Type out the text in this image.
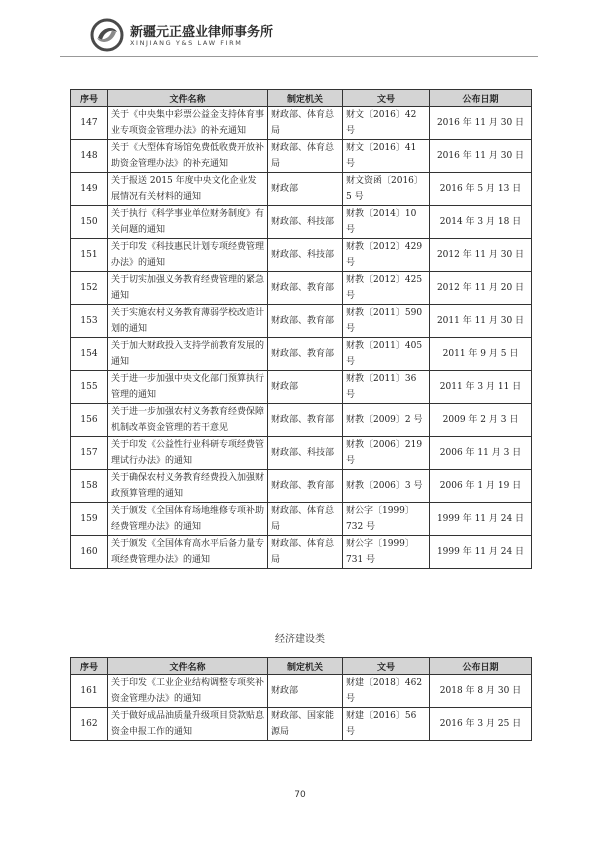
新疆元正盛业律师事务所
XINJIANG Y&S LAW FIRM
序号	文件名称	制定机关	文号	公布日期
147	关于《中央集中彩票公益金支持体育事业专项资金管理办法》的补充通知	财政部、体育总局	财文〔2016〕42 号	2016 年 11 月 30 日
148	关于《大型体育场馆免费低收费开放补助资金管理办法》的补充通知	财政部、体育总局	财文〔2016〕41 号	2016 年 11 月 30 日
149	关于报送 2015 年度中央文化企业发展情况有关材料的通知	财政部	财文资函〔2016〕5 号	2016 年 5 月 13 日
150	关于执行《科学事业单位财务制度》有关问题的通知	财政部、科技部	财教〔2014〕10 号	2014 年 3 月 18 日
151	关于印发《科技惠民计划专项经费管理办法》的通知	财政部、科技部	财教〔2012〕429 号	2012 年 11 月 30 日
152	关于切实加强义务教育经费管理的紧急通知	财政部、教育部	财教〔2012〕425 号	2012 年 11 月 20 日
153	关于实施农村义务教育薄弱学校改造计划的通知	财政部、教育部	财教〔2011〕590 号	2011 年 11 月 30 日
154	关于加大财政投入支持学前教育发展的通知	财政部、教育部	财教〔2011〕405 号	2011 年 9 月 5 日
155	关于进一步加强中央文化部门预算执行管理的通知	财政部	财教〔2011〕36 号	2011 年 3 月 11 日
156	关于进一步加强农村义务教育经费保障机制改革资金管理的若干意见	财政部、教育部	财教〔2009〕2 号	2009 年 2 月 3 日
157	关于印发《公益性行业科研专项经费管理试行办法》的通知	财政部、科技部	财教〔2006〕219 号	2006 年 11 月 3 日
158	关于确保农村义务教育经费投入加强财政预算管理的通知	财政部、教育部	财教〔2006〕3 号	2006 年 1 月 19 日
159	关于颁发《全国体育场地维修专项补助经费管理办法》的通知	财政部、体育总局	财公字〔1999〕732 号	1999 年 11 月 24 日
160	关于颁发《全国体育高水平后备力量专项经费管理办法》的通知	财政部、体育总局	财公字〔1999〕731 号	1999 年 11 月 24 日
经济建设类
序号	文件名称	制定机关	文号	公布日期
161	关于印发《工业企业结构调整专项奖补资金管理办法》的通知	财政部	财建〔2018〕462 号	2018 年 8 月 30 日
162	关于做好成品油质量升级项目贷款贴息资金申报工作的通知	财政部、国家能源局	财建〔2016〕56 号	2016 年 3 月 25 日
70
